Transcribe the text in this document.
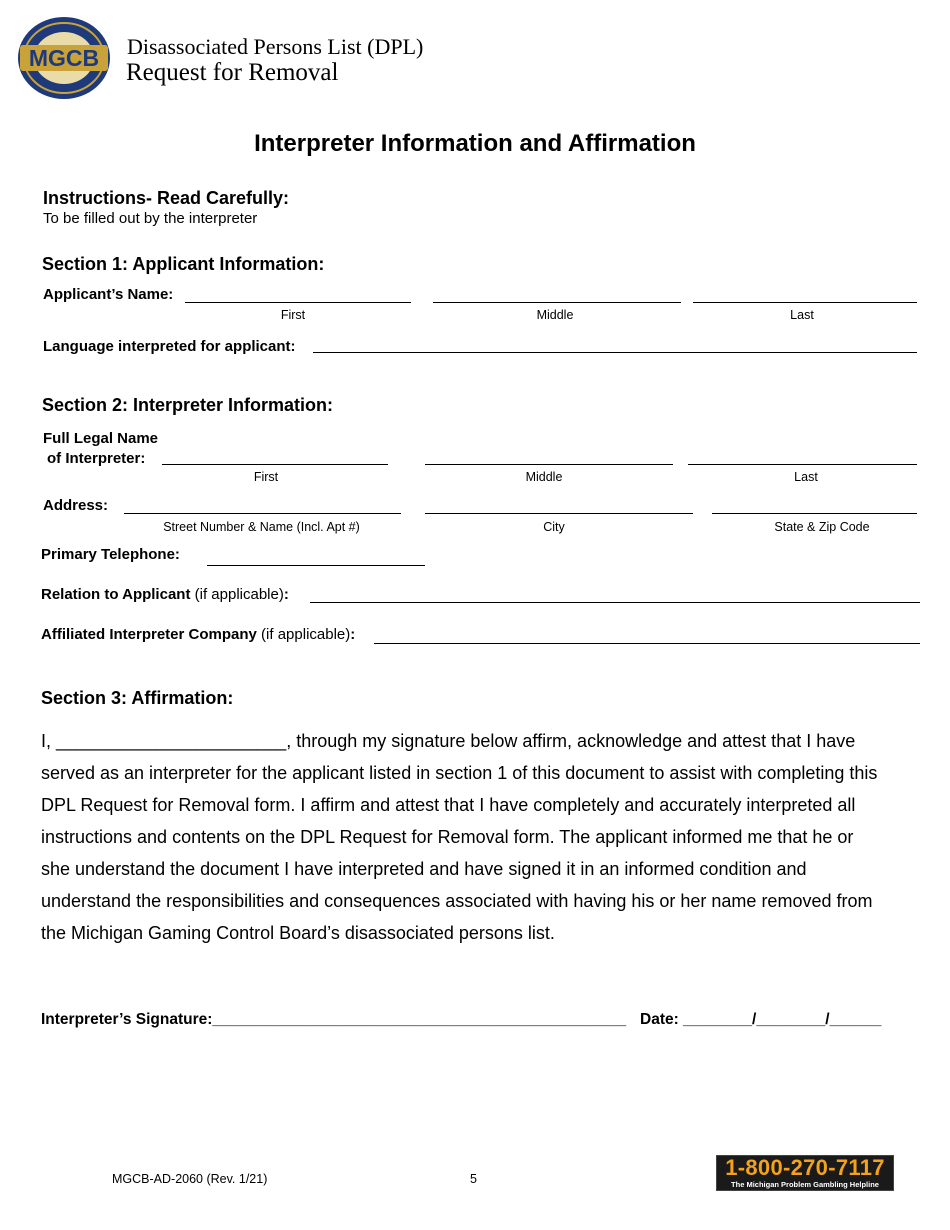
MGCB Disassociated Persons List (DPL)
Request for Removal
Interpreter Information and Affirmation
Instructions- Read Carefully:
To be filled out by the interpreter
Section 1: Applicant Information:
Applicant’s Name:
First	Middle	Last
Language interpreted for applicant:
Section 2: Interpreter Information:
Full Legal Name
of Interpreter:
First	Middle	Last
Address:
Street Number & Name (Incl. Apt #)	City	State & Zip Code
Primary Telephone:
Relation to Applicant (if applicable):
Affiliated Interpreter Company (if applicable):
Section 3: Affirmation:
I, _______________________, through my signature below affirm, acknowledge and attest that I have
served as an interpreter for the applicant listed in section 1 of this document to assist with completing this
DPL Request for Removal form. I affirm and attest that I have completely and accurately interpreted all
instructions and contents on the DPL Request for Removal form. The applicant informed me that he or
she understand the document I have interpreted and have signed it in an informed condition and
understand the responsibilities and consequences associated with having his or her name removed from
the Michigan Gaming Control Board’s disassociated persons list.
Interpreter’s Signature:________________________________________________ Date: ________/________/______
MGCB-AD-2060 (Rev. 1/21)	5	1-800-270-7117
The Michigan Problem Gambling Helpline
